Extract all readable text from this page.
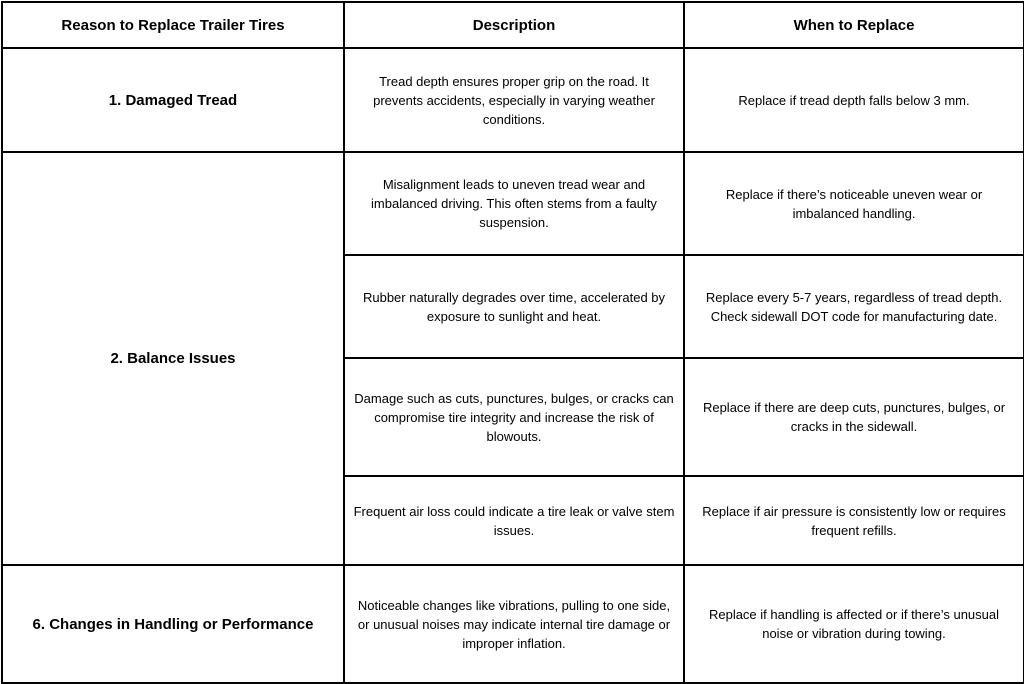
Reason to Replace Trailer Tires	Description	When to Replace
1. Damaged Tread	Tread depth ensures proper grip on the road. It prevents accidents, especially in varying weather conditions.	Replace if tread depth falls below 3 mm.
2. Balance Issues	Misalignment leads to uneven tread wear and imbalanced driving. This often stems from a faulty suspension.	Replace if there’s noticeable uneven wear or imbalanced handling.
	Rubber naturally degrades over time, accelerated by exposure to sunlight and heat.	Replace every 5-7 years, regardless of tread depth. Check sidewall DOT code for manufacturing date.
	Damage such as cuts, punctures, bulges, or cracks can compromise tire integrity and increase the risk of blowouts.	Replace if there are deep cuts, punctures, bulges, or cracks in the sidewall.
	Frequent air loss could indicate a tire leak or valve stem issues.	Replace if air pressure is consistently low or requires frequent refills.
6. Changes in Handling or Performance	Noticeable changes like vibrations, pulling to one side, or unusual noises may indicate internal tire damage or improper inflation.	Replace if handling is affected or if there’s unusual noise or vibration during towing.
